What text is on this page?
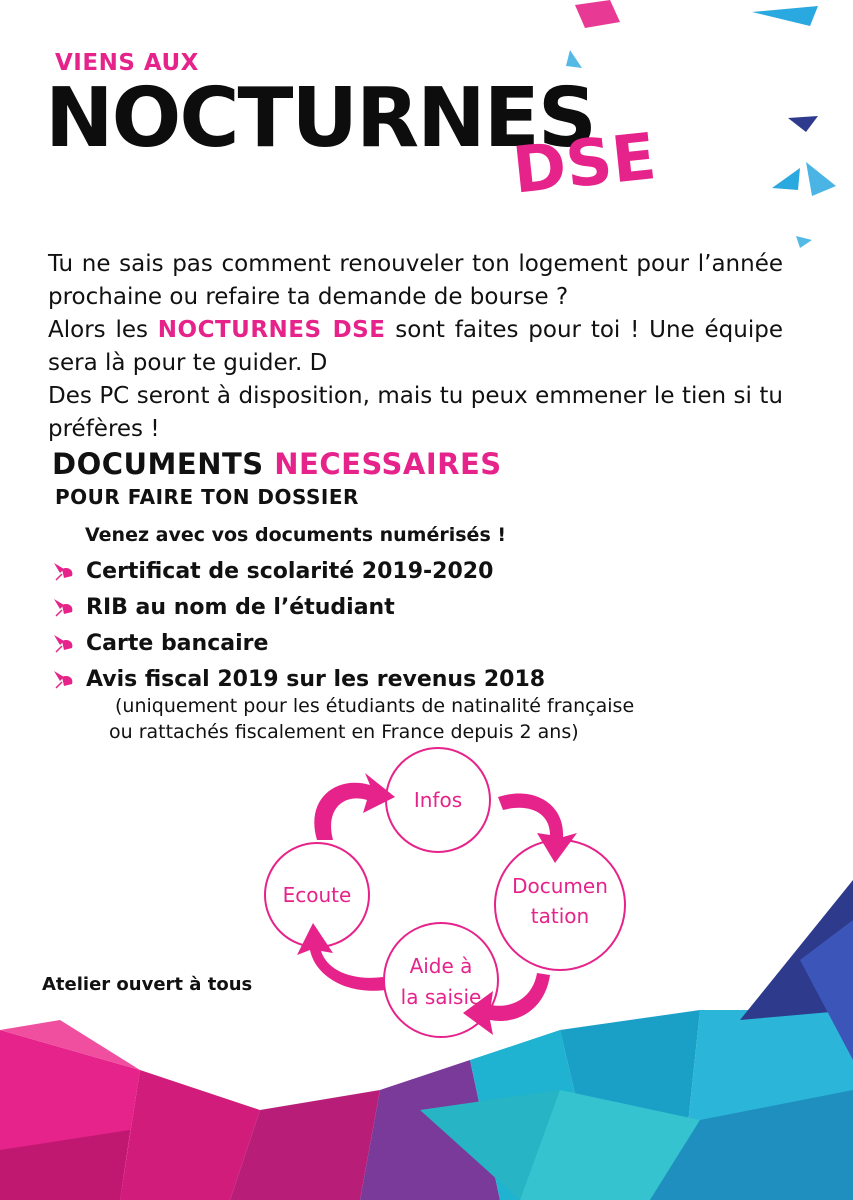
VIENS AUX
NOCTURNES
DSE

Tu ne sais pas comment renouveler ton logement pour l’année prochaine ou refaire ta demande de bourse ?

Alors les NOCTURNES DSE sont faites pour toi ! Une équipe sera là pour te guider. D

Des PC seront à disposition, mais tu peux emmener le tien si tu préfères !

DOCUMENTS NECESSAIRES
POUR FAIRE TON DOSSIER
Venez avec vos documents numérisés !
Certificat de scolarité 2019-2020
RIB au nom de l’étudiant
Carte bancaire
Avis fiscal 2019 sur les revenus 2018
(uniquement pour les étudiants de natinalité française
ou rattachés fiscalement en France depuis 2 ans)
Infos
Documen
tation
Aide à
la saisie
Ecoute
Atelier ouvert à tous
